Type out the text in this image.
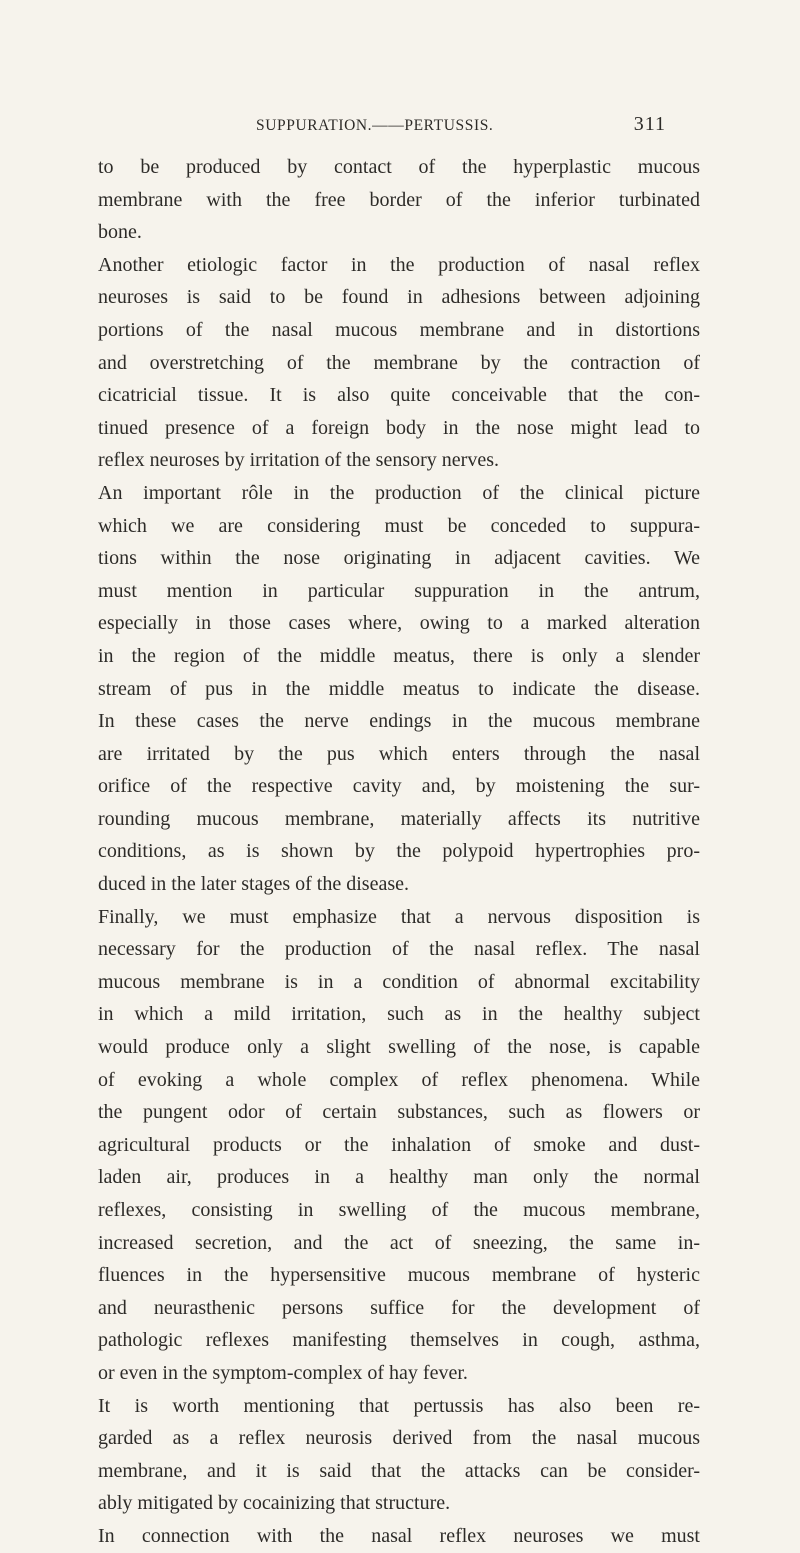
SUPPURATION.——PERTUSSIS.	311
to be produced by contact of the hyperplastic mucous
membrane with the free border of the inferior turbinated
bone.
Another etiologic factor in the production of nasal reflex
neuroses is said to be found in adhesions between adjoining
portions of the nasal mucous membrane and in distortions
and overstretching of the membrane by the contraction of
cicatricial tissue. It is also quite conceivable that the con-
tinued presence of a foreign body in the nose might lead to
reflex neuroses by irritation of the sensory nerves.
An important rôle in the production of the clinical picture
which we are considering must be conceded to suppura-
tions within the nose originating in adjacent cavities. We
must mention in particular suppuration in the antrum,
especially in those cases where, owing to a marked alteration
in the region of the middle meatus, there is only a slender
stream of pus in the middle meatus to indicate the disease.
In these cases the nerve endings in the mucous membrane
are irritated by the pus which enters through the nasal
orifice of the respective cavity and, by moistening the sur-
rounding mucous membrane, materially affects its nutritive
conditions, as is shown by the polypoid hypertrophies pro-
duced in the later stages of the disease.
Finally, we must emphasize that a nervous disposition is
necessary for the production of the nasal reflex. The nasal
mucous membrane is in a condition of abnormal excitability
in which a mild irritation, such as in the healthy subject
would produce only a slight swelling of the nose, is capable
of evoking a whole complex of reflex phenomena. While
the pungent odor of certain substances, such as flowers or
agricultural products or the inhalation of smoke and dust-
laden air, produces in a healthy man only the normal
reflexes, consisting in swelling of the mucous membrane,
increased secretion, and the act of sneezing, the same in-
fluences in the hypersensitive mucous membrane of hysteric
and neurasthenic persons suffice for the development of
pathologic reflexes manifesting themselves in cough, asthma,
or even in the symptom-complex of hay fever.
It is worth mentioning that pertussis has also been re-
garded as a reflex neurosis derived from the nasal mucous
membrane, and it is said that the attacks can be consider-
ably mitigated by cocainizing that structure.
In connection with the nasal reflex neuroses we must
